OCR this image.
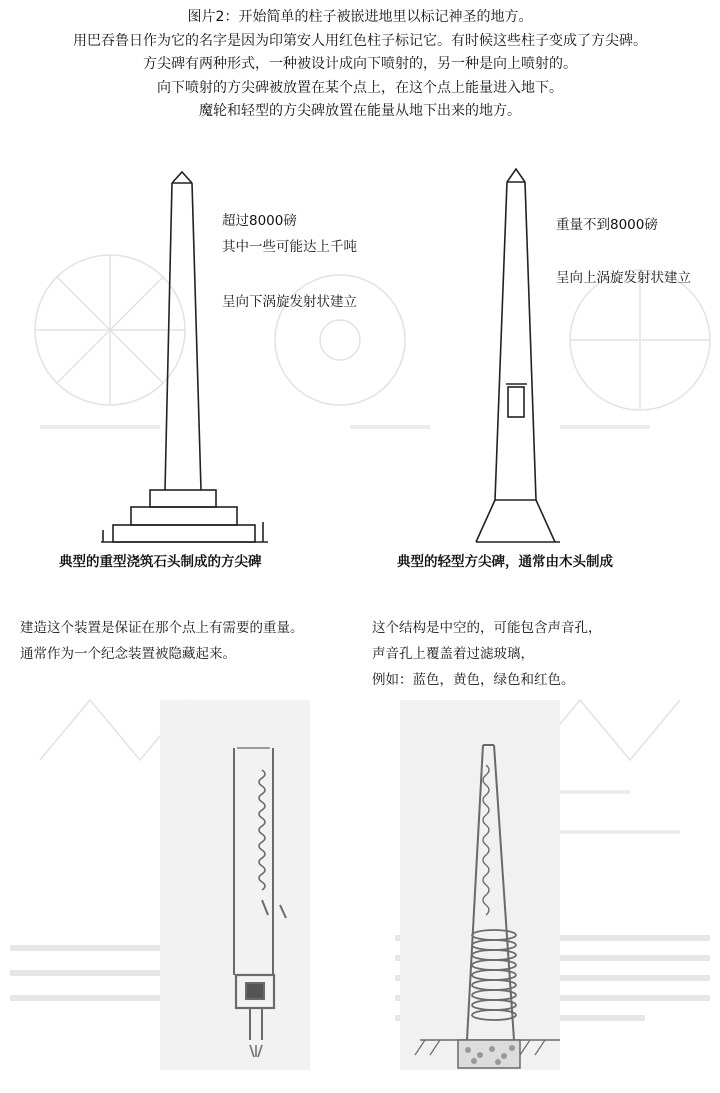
图片2：开始简单的柱子被嵌进地里以标记神圣的地方。
用巴吞鲁日作为它的名字是因为印第安人用红色柱子标记它。有时候这些柱子变成了方尖碑。
方尖碑有两种形式，一种被设计成向下喷射的，另一种是向上喷射的。
向下喷射的方尖碑被放置在某个点上，在这个点上能量进入地下。
魔轮和轻型的方尖碑放置在能量从地下出来的地方。
超过8000磅
其中一些可能达上千吨
呈向下涡旋发射状建立
重量不到8000磅
呈向上涡旋发射状建立
典型的重型浇筑石头制成的方尖碑	典型的轻型方尖碑，通常由木头制成
建造这个装置是保证在那个点上有需要的重量。
通常作为一个纪念装置被隐藏起来。
这个结构是中空的，可能包含声音孔，
声音孔上覆盖着过滤玻璃，
例如：蓝色，黄色，绿色和红色。
